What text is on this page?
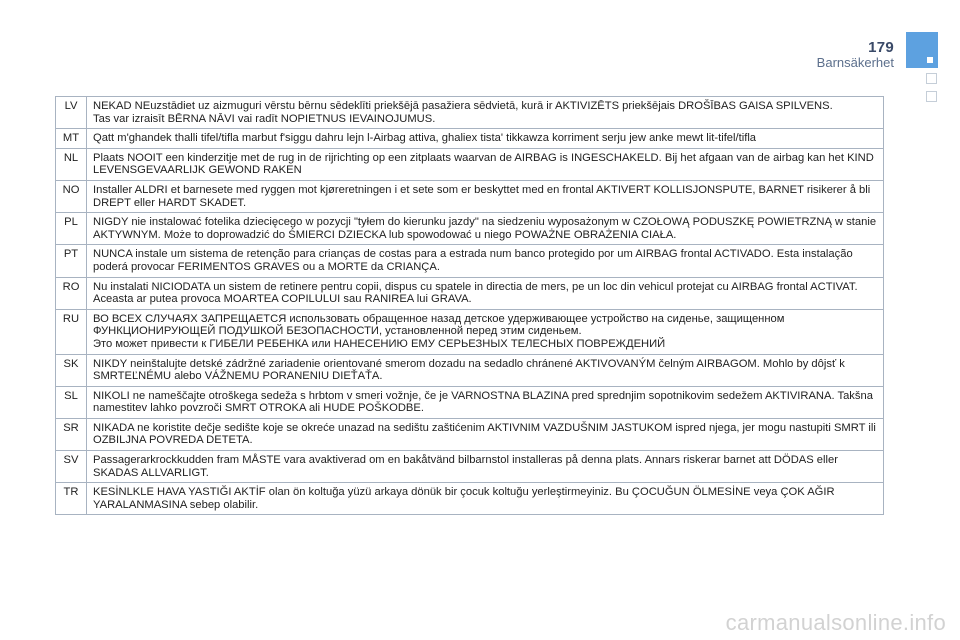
179
Barnsäkerhet
LV	NEKAD NEuzstādiet uz aizmuguri vērstu bērnu sēdeklīti priekšējā pasažiera sēdvietā, kurā ir AKTIVIZĒTS priekšējais DROŠĪBAS GAISA SPILVENS.
Tas var izraisīt BĒRNA NĀVI vai radīt NOPIETNUS IEVAINOJUMUS.
MT	Qatt m'ghandek thalli tifel/tifla marbut f'siggu dahru lejn l-Airbag attiva, ghaliex tista' tikkawza korriment serju jew anke mewt lit-tifel/tifla
NL	Plaats NOOIT een kinderzitje met de rug in de rijrichting op een zitplaats waarvan de AIRBAG is INGESCHAKELD. Bij het afgaan van de airbag kan het KIND LEVENSGEVAARLIJK GEWOND RAKEN
NO	Installer ALDRI et barnesete med ryggen mot kjøreretningen i et sete som er beskyttet med en frontal AKTIVERT KOLLISJONSPUTE, BARNET risikerer å bli DREPT eller HARDT SKADET.
PL	NIGDY nie instalować fotelika dziecięcego w pozycji "tyłem do kierunku jazdy" na siedzeniu wyposażonym w CZOŁOWĄ PODUSZKĘ POWIETRZNĄ w stanie AKTYWNYM. Może to doprowadzić do ŚMIERCI DZIECKA lub spowodować u niego POWAŻNE OBRAŻENIA CIAŁA.
PT	NUNCA instale um sistema de retenção para crianças de costas para a estrada num banco protegido por um AIRBAG frontal ACTIVADO. Esta instalação poderá provocar FERIMENTOS GRAVES ou a MORTE da CRIANÇA.
RO	Nu instalati NICIODATA un sistem de retinere pentru copii, dispus cu spatele in directia de mers, pe un loc din vehicul protejat cu AIRBAG frontal ACTIVAT. Aceasta ar putea provoca MOARTEA COPILULUI sau RANIREA lui GRAVA.
RU	ВО ВСЕХ СЛУЧАЯХ ЗАПРЕЩАЕТСЯ использовать обращенное назад детское удерживающее устройство на сиденье, защищенном ФУНКЦИОНИРУЮЩЕЙ ПОДУШКОЙ БЕЗОПАСНОСТИ, установленной перед этим сиденьем.
Это может привести к ГИБЕЛИ РЕБЕНКА или НАНЕСЕНИЮ ЕМУ СЕРЬЕЗНЫХ ТЕЛЕСНЫХ ПОВРЕЖДЕНИЙ
SK	NIKDY neinštalujte detské zádržné zariadenie orientované smerom dozadu na sedadlo chránené AKTIVOVANÝM čelným AIRBAGOM. Mohlo by dôjsť k SMRTEĽNÉMU alebo VÁŽNEMU PORANENIU DIEŤAŤA.
SL	NIKOLI ne nameščajte otroškega sedeža s hrbtom v smeri vožnje, če je VARNOSTNA BLAZINA pred sprednjim sopotnikovim sedežem AKTIVIRANA. Takšna namestitev lahko povzroči SMRT OTROKA ali HUDE POŠKODBE.
SR	NIKADA ne koristite dečje sedište koje se okreće unazad na sedištu zaštićenim AKTIVNIM VAZDUŠNIM JASTUKOM ispred njega, jer mogu nastupiti SMRT ili OZBILJNA POVREDA DETETA.
SV	Passagerarkrockkudden fram MÅSTE vara avaktiverad om en bakåtvänd bilbarnstol installeras på denna plats. Annars riskerar barnet att DÖDAS eller SKADAS ALLVARLIGT.
TR	KESİNLKLE HAVA YASTIĞI AKTİF olan ön koltuğa yüzü arkaya dönük bir çocuk koltuğu yerleştirmeyiniz. Bu ÇOCUĞUN ÖLMESİNE veya ÇOK AĞIR YARALANMASINA sebep olabilir.
carmanualsonline.info
